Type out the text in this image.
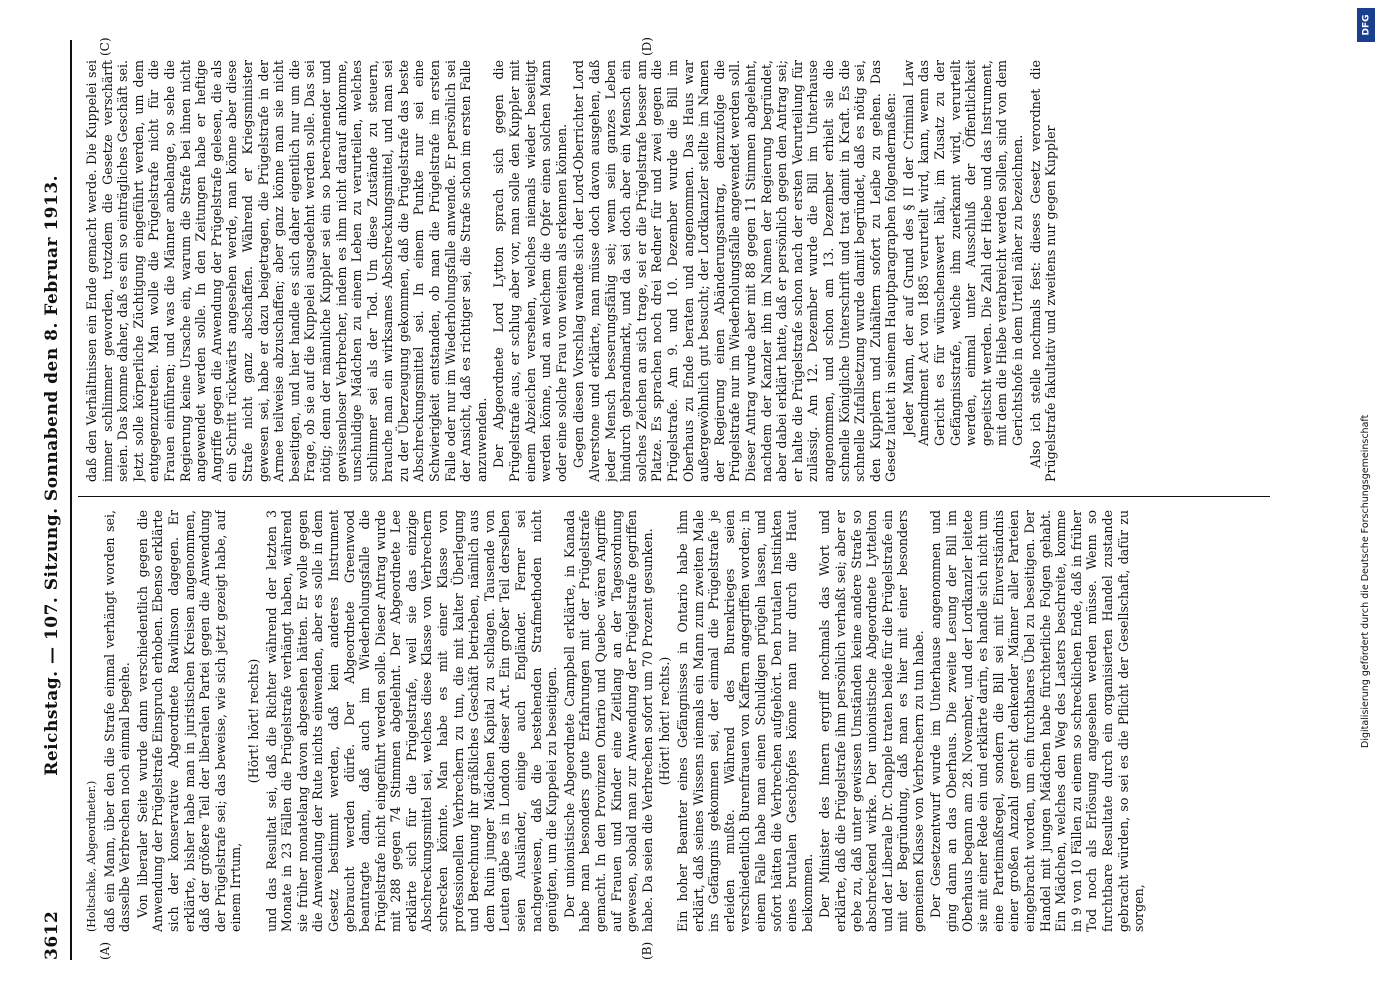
3612
Reichstag. — 107. Sitzung. Sonnabend den 8. Februar 1913.
(A)	(B)
(C)	(D)

(Holtschke, Abgeordneter.) daß ein Mann, über den die Strafe einmal verhängt worden sei, dasselbe Verbrechen noch einmal begehe. Von liberaler Seite wurde dann verschiedentlich gegen die Anwendung der Prügelstrafe Einspruch erhoben. Ebenso erklärte sich der konservative Abgeordnete Rawlinson dagegen. Er erklärte, bisher habe man in juristischen Kreisen angenommen, daß der größere Teil der liberalen Partei gegen die Anwendung der Prügelstrafe sei; das beweise, wie sich jetzt gezeigt habe, auf einem Irrtum,

(Hört! hört! rechts) und das Resultat sei, daß die Richter während der letzten 3 Monate in 23 Fällen die Prügelstrafe verhängt haben, während sie früher monatelang davon abgesehen hätten. Er wolle gegen die Anwendung der Rute nichts einwenden, aber es solle in dem Gesetz bestimmt werden, daß kein anderes Instrument gebraucht werden dürfe. Der Abgeordnete Greenwood beantragte dann, daß auch im Wiederholungsfalle die Prügelstrafe nicht eingeführt werden solle. Dieser Antrag wurde mit 288 gegen 74 Stimmen abgelehnt. Der Abgeordnete Lee erklärte sich für die Prügelstrafe, weil sie das einzige Abschreckungsmittel sei, welches diese Klasse von Verbrechern schrecken könnte. Man habe es mit einer Klasse von professionellen Verbrechern zu tun, die mit kalter Überlegung und Berechnung ihr gräßliches Geschäft betrieben, nämlich aus dem Ruin junger Mädchen Kapital zu schlagen. Tausende von Leuten gäbe es in London dieser Art. Ein großer Teil derselben seien Ausländer, einige auch Engländer. Ferner sei nachgewiesen, daß die bestehenden Strafmethoden nicht genügten, um die Kuppelei zu beseitigen. Der unionistische Abgeordnete Campbell erklärte, in Kanada habe man besonders gute Erfahrungen mit der Prügelstrafe gemacht. In den Provinzen Ontario und Quebec wären Angriffe auf Frauen und Kinder eine Zeitlang an der Tagesordnung gewesen, sobald man zur Anwendung der Prügelstrafe gegriffen habe. Da seien die Verbrechen sofort um 70 Prozent gesunken. (Hört! hört! rechts.) Ein hoher Beamter eines Gefängnisses in Ontario habe ihm erklärt, daß seines Wissens niemals ein Mann zum zweiten Male ins Gefängnis gekommen sei, der einmal die Prügelstrafe je erleiden mußte. Während des Burenkrieges seien verschiedentlich Burenfrauen von Kaffern angegriffen worden; in einem Falle habe man einen Schuldigen prügeln lassen, und sofort hätten die Verbrechen aufgehört. Den brutalen Instinkten eines brutalen Geschöpfes könne man nur durch die Haut beikommen. Der Minister des Innern ergriff nochmals das Wort und erklärte, daß die Prügelstrafe ihm persönlich verhaßt sei; aber er gebe zu, daß unter gewissen Umständen keine andere Strafe so abschreckend wirke. Der unionistische Abgeordnete Lyttelton und der Liberale Dr. Chapple traten beide für die Prügelstrafe ein mit der Begründung, daß man es hier mit einer besonders gemeinen Klasse von Verbrechern zu tun habe. Der Gesetzentwurf wurde im Unterhause angenommen und ging dann an das Oberhaus. Die zweite Lesung der Bill im Oberhaus begann am 28. November, und der Lordkanzler leitete sie mit einer Rede ein und erklärte darin, es handle sich nicht um eine Parteimaßregel, sondern die Bill sei mit Einverständnis einer großen Anzahl gerecht denkender Männer aller Parteien eingebracht worden, um ein furchtbares Übel zu beseitigen. Der Handel mit jungen Mädchen habe fürchterliche Folgen gehabt. Ein Mädchen, welches den Weg des Lasters beschreite, komme in 9 von 10 Fällen zu einem so schrecklichen Ende, daß in früher Tod noch als Erlösung angesehen werden müsse. Wenn so furchtbare Resultate durch ein organisierten Handel zustande gebracht würden, so sei es die Pflicht der Gesellschaft, dafür zu sorgen,

daß den Verhältnissen ein Ende gemacht werde. Die Kuppelei sei immer schlimmer geworden, trotzdem die Gesetze verschärft seien. Das komme daher, daß es ein so einträgliches Geschäft sei. Jetzt solle körperliche Züchtigung eingeführt werden, um dem entgegenzutreten. Man wolle die Prügelstrafe nicht für die Frauen einführen; und was die Männer anbelange, so sehe die Regierung keine Ursache ein, warum die Strafe bei ihnen nicht angewendet werden solle. In den Zeitungen habe er heftige Angriffe gegen die Anwendung der Prügelstrafe gelesen, die als ein Schritt rückwärts angesehen werde, man könne aber diese Strafe nicht ganz abschaffen. Während er Kriegsminister gewesen sei, habe er dazu beigetragen, die Prügelstrafe in der Armee teilweise abzuschaffen; aber ganz könne man sie nicht beseitigen, und hier handle es sich daher eigentlich nur um die Frage, ob sie auf die Kuppelei ausgedehnt werden solle. Das sei nötig; denn der männliche Kuppler sei ein so berechnender und gewissenloser Verbrecher, indem es ihm nicht darauf ankomme, unschuldige Mädchen zu einem Leben zu verurteilen, welches schlimmer sei als der Tod. Um diese Zustände zu steuern, brauche man ein wirksames Abschreckungsmittel, und man sei zu der Überzeugung gekommen, daß die Prügelstrafe das beste Abschreckungsmittel sei. In einem Punkte nur sei eine Schwierigkeit entstanden, ob man die Prügelstrafe im ersten Falle oder nur im Wiederholungsfalle anwende. Er persönlich sei der Ansicht, daß es richtiger sei, die Strafe schon im ersten Falle anzuwenden. Der Abgeordnete Lord Lytton sprach sich gegen die Prügelstrafe aus, er schlug aber vor, man solle den Kuppler mit einem Abzeichen versehen, welches niemals wieder beseitigt werden könne, und an welchem die Opfer einen solchen Mann oder eine solche Frau von weitem als erkennen können. Gegen diesen Vorschlag wandte sich der Lord-Oberrichter Lord Alverstone und erklärte, man müsse doch davon ausgehen, daß jeder Mensch besserungsfähig sei; wenn sein ganzes Leben hindurch gebrandmarkt, und da sei doch aber ein Mensch ein solches Zeichen an sich trage, sei er die Prügelstrafe besser am Platze. Es sprachen noch drei Redner für und zwei gegen die Prügelstrafe. Am 9. und 10. Dezember wurde die Bill im Oberhaus zu Ende beraten und angenommen. Das Haus war außergewöhnlich gut besucht; der Lordkanzler stellte im Namen der Regierung einen Abänderungsantrag, demzufolge die Prügelstrafe nur im Wiederholungsfalle angewendet werden soll. Dieser Antrag wurde aber mit 88 gegen 11 Stimmen abgelehnt, nachdem der Kanzler ihn im Namen der Regierung begründet, aber dabei erklärt hatte, daß er persönlich gegen den Antrag sei; er halte die Prügelstrafe schon nach der ersten Verurteilung für zulässig. Am 12. Dezember wurde die Bill im Unterhause angenommen, und schon am 13. Dezember erhielt sie die schnelle Königliche Unterschrift und trat damit in Kraft. Es die schnelle Zufallsetzung wurde damit begründet, daß es nötig sei, den Kupplern und Zuhältern sofort zu Leibe zu gehen. Das Gesetz lautet in seinem Hauptparagraphen folgendermaßen: Jeder Mann, der auf Grund des § II der Criminal Law Amendment Act von 1885 verurteilt wird, kann, wenn das Gericht es für wünschenswert hält, im Zusatz zu der Gefängnisstrafe, welche ihm zuerkannt wird, verurteilt werden, einmal unter Ausschluß der Öffentlichkeit gepeitscht werden. Die Zahl der Hiebe und das Instrument, mit dem die Hiebe verabreicht werden sollen, sind von dem Gerichtshofe in dem Urteil näher zu bezeichnen. Also ich stelle nochmals fest: dieses Gesetz verordnet die Prügelstrafe fakultativ und zweitens nur gegen Kuppler

DFG
Digitalisierung gefördert durch die Deutsche Forschungsgemeinschaft
